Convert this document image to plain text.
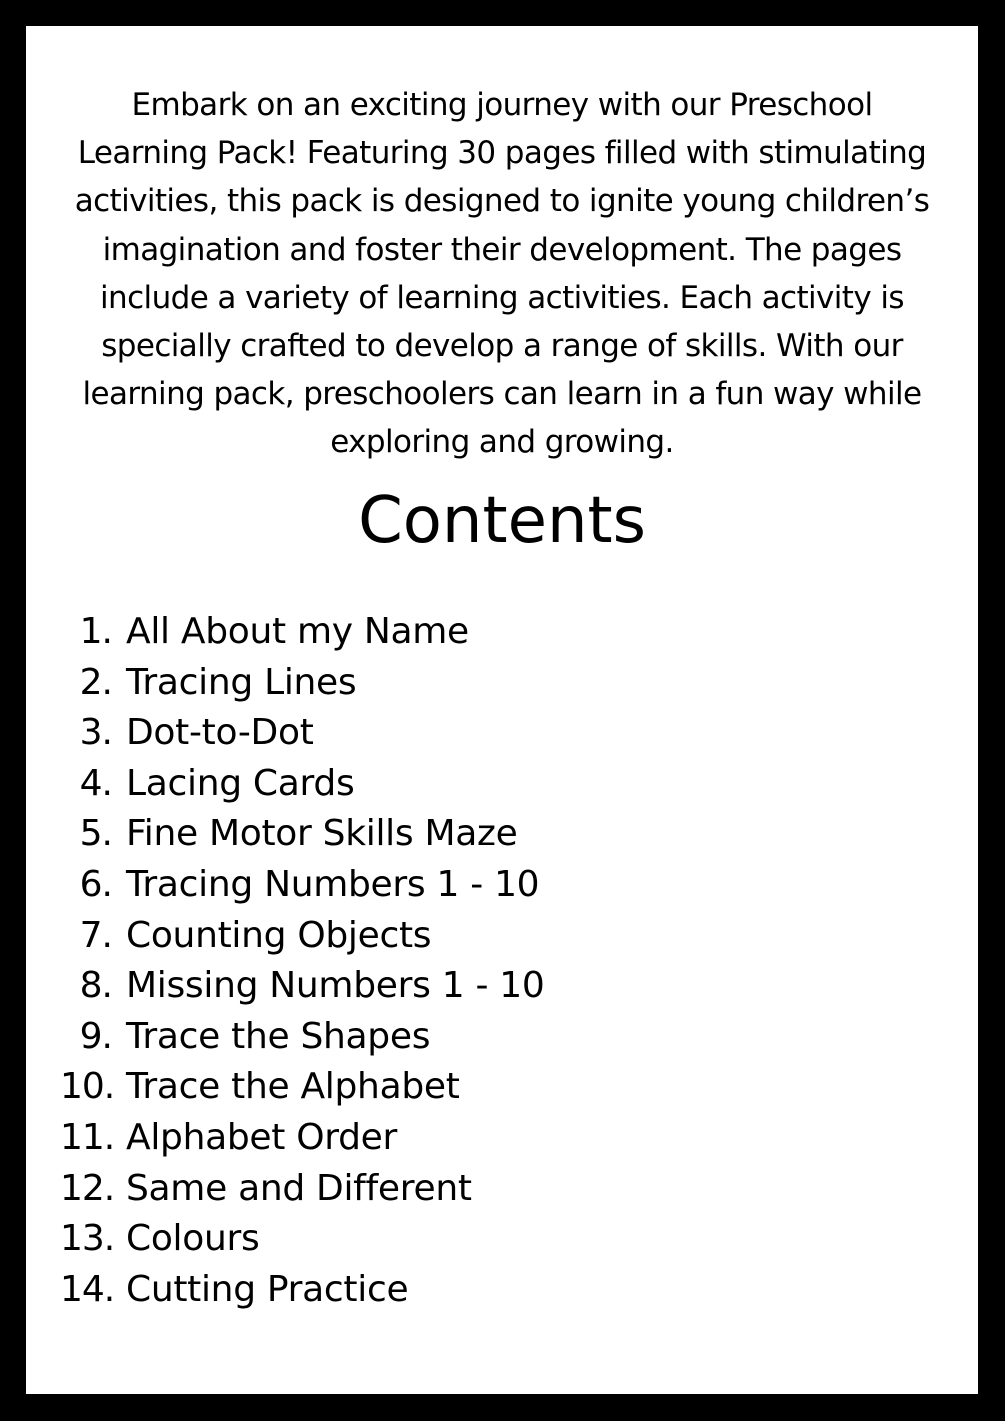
Embark on an exciting journey with our Preschool
Learning Pack! Featuring 30 pages filled with stimulating
activities, this pack is designed to ignite young children’s
imagination and foster their development. The pages
include a variety of learning activities. Each activity is
specially crafted to develop a range of skills. With our
learning pack, preschoolers can learn in a fun way while
exploring and growing.
Contents
1. All About my Name
2. Tracing Lines
3. Dot-to-Dot
4. Lacing Cards
5. Fine Motor Skills Maze
6. Tracing Numbers 1 - 10
7. Counting Objects
8. Missing Numbers 1 - 10
9. Trace the Shapes
10. Trace the Alphabet
11. Alphabet Order
12. Same and Different
13. Colours
14. Cutting Practice
